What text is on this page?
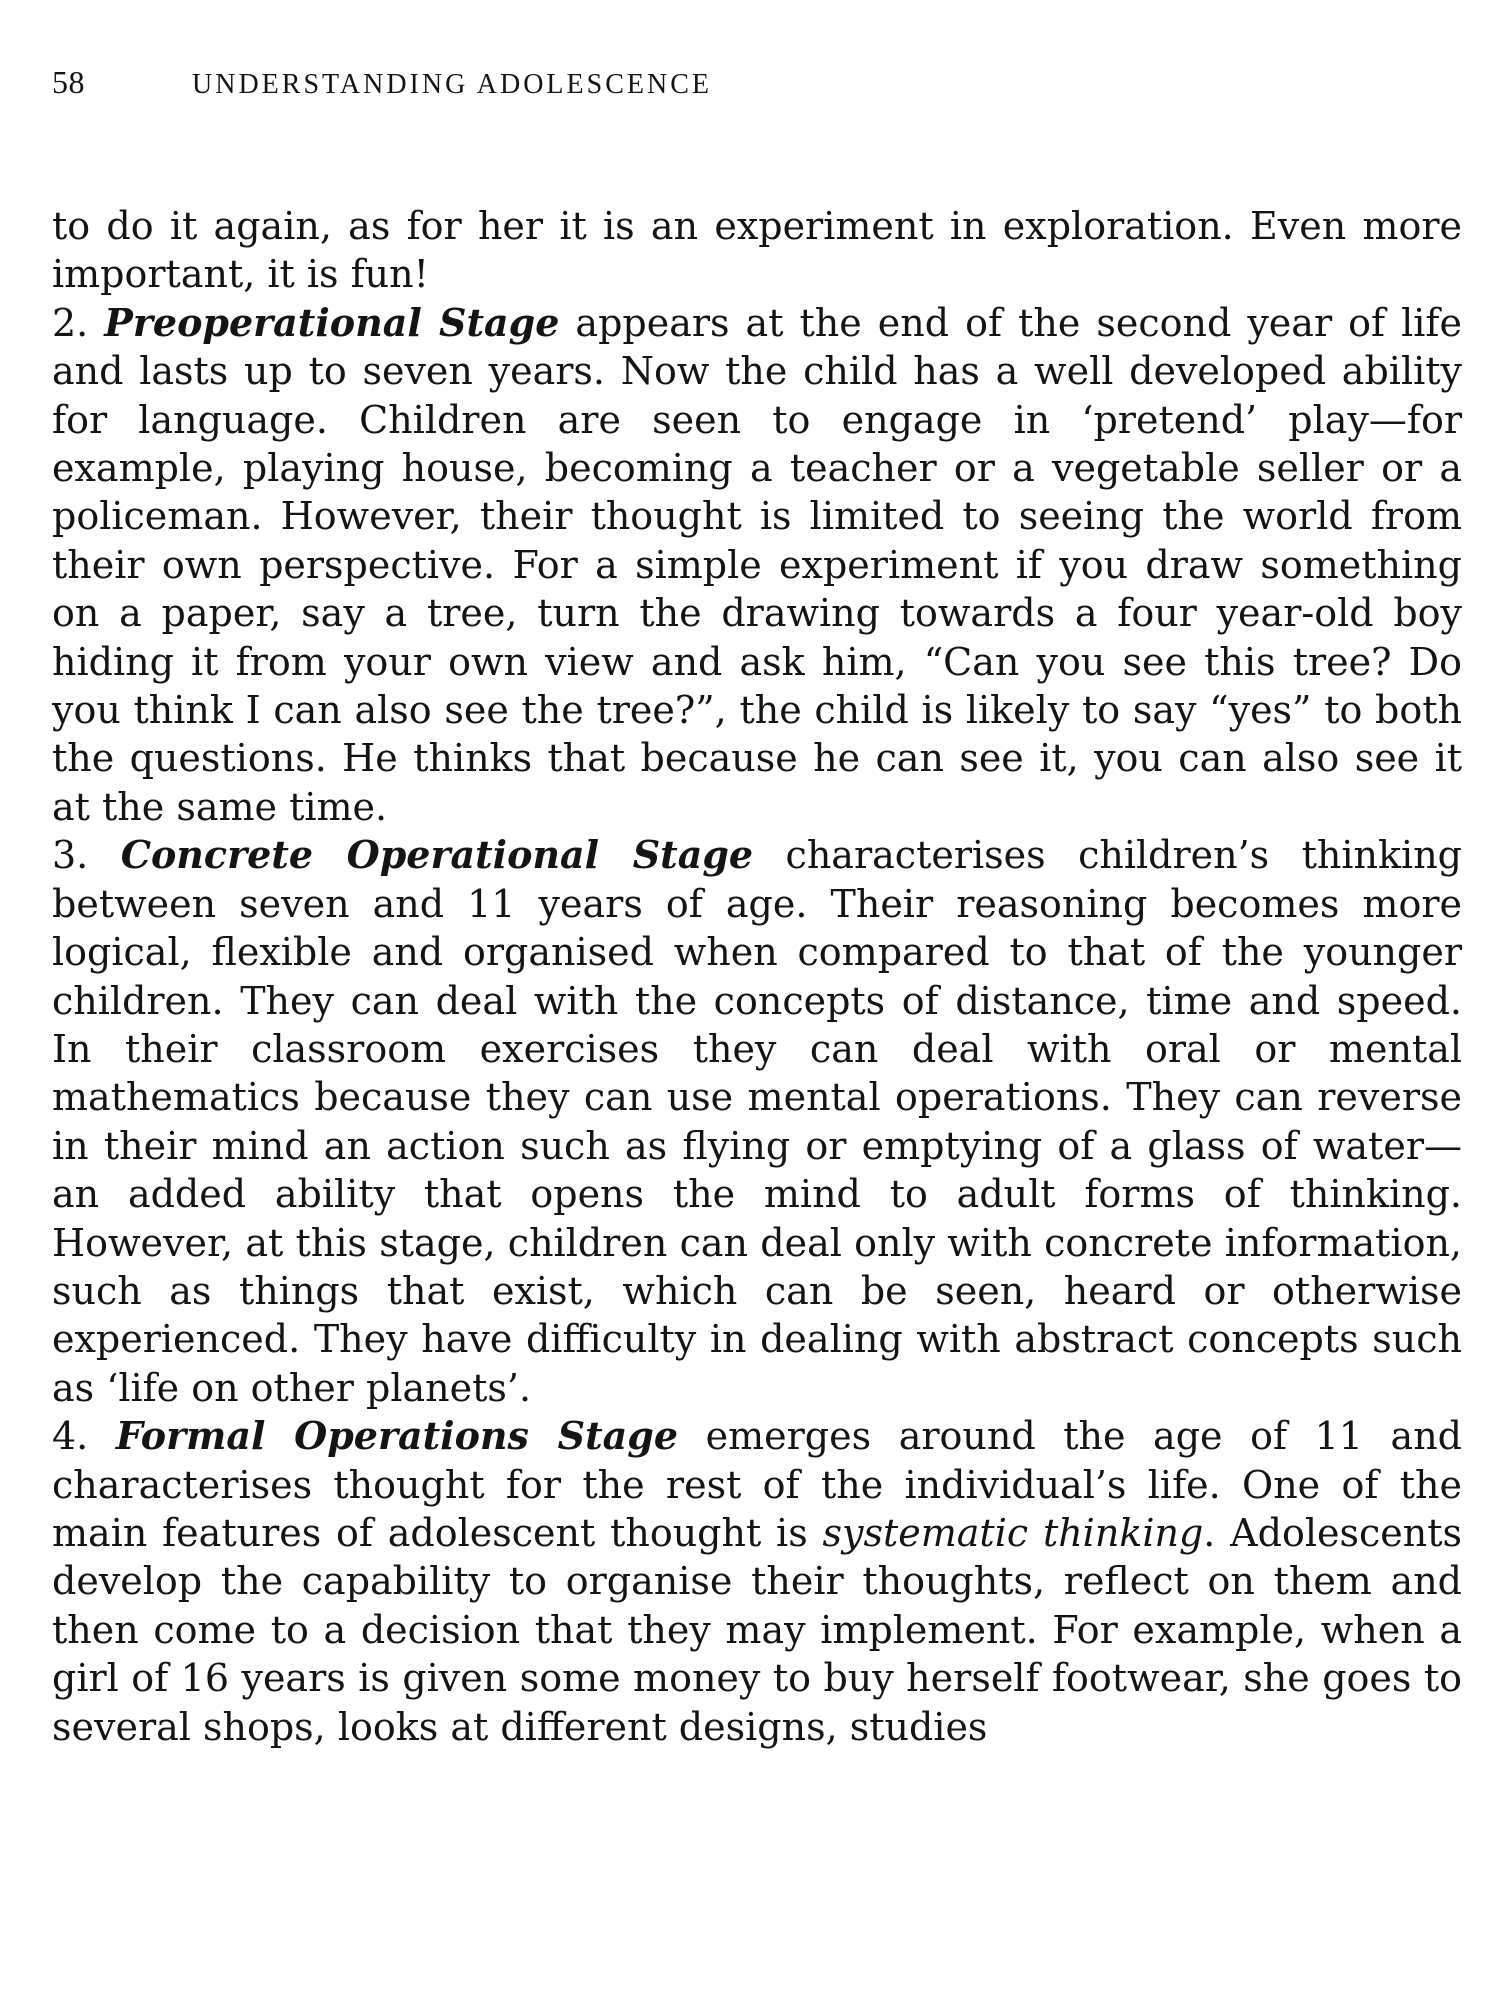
58	UNDERSTANDING ADOLESCENCE

to do it again, as for her it is an experiment in exploration. Even more important, it is fun!

2. Preoperational Stage appears at the end of the second year of life and lasts up to seven years. Now the child has a well developed ability for language. Children are seen to engage in ‘pretend’ play—for example, playing house, becoming a teacher or a vegetable seller or a policeman. However, their thought is limited to seeing the world from their own perspective. For a simple experiment if you draw something on a paper, say a tree, turn the drawing towards a four year-old boy hiding it from your own view and ask him, “Can you see this tree? Do you think I can also see the tree?”, the child is likely to say “yes” to both the questions. He thinks that because he can see it, you can also see it at the same time.

3. Concrete Operational Stage characterises children’s thinking between seven and 11 years of age. Their reasoning becomes more logical, flexible and organised when compared to that of the younger children. They can deal with the concepts of distance, time and speed. In their classroom exercises they can deal with oral or mental mathematics because they can use mental operations. They can reverse in their mind an action such as flying or emptying of a glass of water—an added ability that opens the mind to adult forms of thinking. However, at this stage, children can deal only with concrete information, such as things that exist, which can be seen, heard or otherwise experienced. They have difficulty in dealing with abstract concepts such as ‘life on other planets’.

4. Formal Operations Stage emerges around the age of 11 and characterises thought for the rest of the individual’s life. One of the main features of adolescent thought is systematic thinking. Adolescents develop the capability to organise their thoughts, reflect on them and then come to a decision that they may implement. For example, when a girl of 16 years is given some money to buy herself footwear, she goes to several shops, looks at different designs, studies
